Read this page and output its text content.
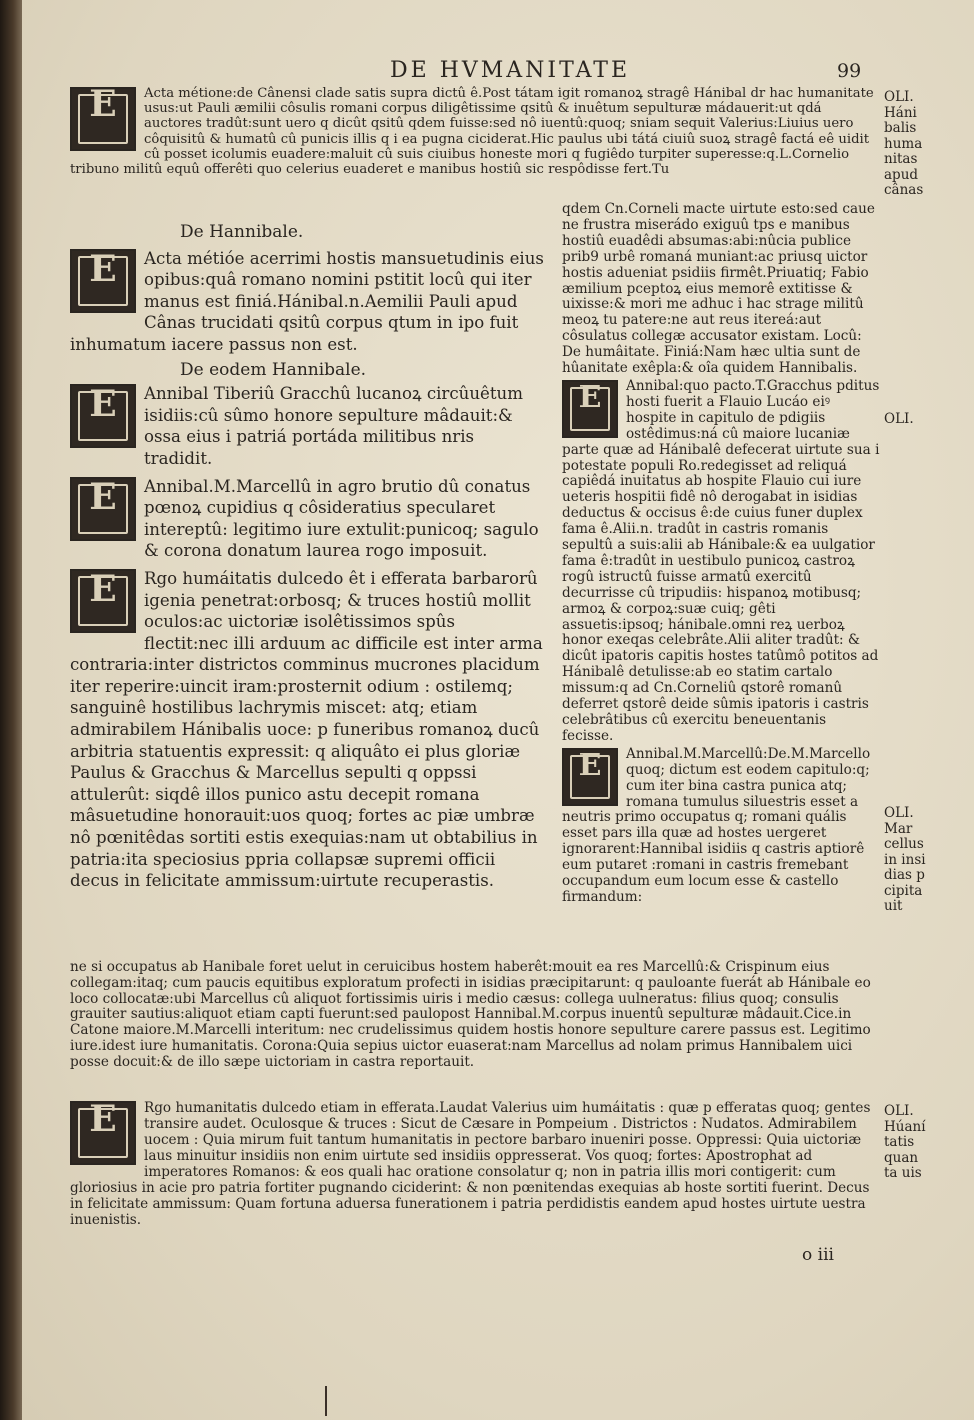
DE HVMANITATE	99
E	Acta métione:de Cânensi clade satis supra dictû ê.Post tátam igit romanoꝝ stragê Hánibal dr hac humanitate usus:ut Pauli æmilii côsulis romani corpus diligêtissime qsitû & inuêtum sepulturæ mádauerit:ut qdá auctores tradût:sunt uero q dicût qsitû qdem fuisse:sed nô iuentû:quoq; sniam sequit Valerius:Liuius uero côquisitû & humatû cû punicis illis q i ea pugna ciciderat.Hic paulus ubi tátá ciuiû suoꝝ stragê factá eê uidit cû posset icolumis euadere:maluit cû suis ciuibus honeste mori q fugiêdo turpiter superesse:q.L.Cornelio tribuno militû equû offerêti quo celerius euaderet e manibus hostiû sic respôdisse fert.Tu

De Hannibale.
E	Acta métióe acerrimi hostis mansuetudinis eius opibus:quâ romano nomini pstitit locû qui iter manus est finiá.Hánibal.n.Aemilii Pauli apud Cânas trucidati qsitû corpus qtum in ipo fuit inhumatum iacere passus non est.

De eodem Hannibale.
E	Annibal Tiberiû Gracchû lucanoꝝ circûuêtum isidiis:cû sûmo honore sepulture mâdauit:& ossa eius i patriá portáda militibus nris tradidit.

E	Annibal.M.Marcellû in agro brutio dû conatus pœnoꝝ cupidius q côsideratius specularet intereptû: legitimo iure extulit:punicoq; sagulo & corona donatum laurea rogo imposuit.

E	Rgo humáitatis dulcedo êt i efferata barbarorû igenia penetrat:orbosq; & truces hostiû mollit oculos:ac uictoriæ isolêtissimos spûs flectit:nec illi arduum ac difficile est inter arma contraria:inter districtos comminus mucrones placidum iter reperire:uincit iram:prosternit odium : ostilemq; sanguinê hostilibus lachrymis miscet: atq; etiam admirabilem Hánibalis uoce: p funeribus romanoꝝ ducû arbitria statuentis expressit: q aliquâto ei plus gloriæ Paulus & Gracchus & Marcellus sepulti q oppssi attulerût: siqdê illos punico astu decepit romana mâsuetudine honorauit:uos quoq; fortes ac piæ umbræ nô pœnitêdas sortiti estis exequias:nam ut obtabilius in patria:ita speciosius ppria collapsæ supremi officii decus in felicitate ammissum:uirtute recuperastis.

qdem Cn.Corneli macte uirtute esto:sed caue ne frustra miserádo exiguû tps e manibus hostiû euadêdi absumas:abi:nûcia publice prib9 urbê romaná muniant:ac priusq uictor hostis adueniat psidiis firmêt.Priuatiq; Fabio æmilium pceptoꝝ eius memorê extitisse & uixisse:& mori me adhuc i hac strage militû meoꝝ tu patere:ne aut reus itereá:aut côsulatus collegæ accusator existam. Locû: De humâitate. Finiá:Nam hæc ultia sunt de hûanitate exêpla:& oîa quidem Hannibalis.

E	Annibal:quo pacto.T.Gracchus pditus hosti fuerit a Flauio Lucáo eiꝰ hospite in capitulo de pdigiis ostêdimus:ná cû maiore lucaniæ parte quæ ad Hánibalê defecerat uirtute sua i potestate populi Ro.redegisset ad reliquá capiêdá inuitatus ab hospite Flauio cui iure ueteris hospitii fidê nô derogabat in isidias deductus & occisus ê:de cuius funer duplex fama ê.Alii.n. tradût in castris romanis sepultû a suis:alii ab Hánibale:& ea uulgatior fama ê:tradût in uestibulo punicoꝝ castroꝝ rogû istructû fuisse armatû exercitû decurrisse cû tripudiis: hispanoꝝ motibusq; armoꝝ & corpoꝝ:suæ cuiq; gêti assuetis:ipsoq; hánibale.omni reꝝ uerboꝝ honor exeqas celebrâte.Alii aliter tradût: & dicût ipatoris capitis hostes tatûmô potitos ad Hánibalê detulisse:ab eo statim cartalo missum:q ad Cn.Corneliû qstorê romanû deferret qstorê deide sûmis ipatoris i castris celebrâtibus cû exercitu beneuentanis fecisse.

E	Annibal.M.Marcellû:De.M.Marcello quoq; dictum est eodem capitulo:q; cum iter bina castra punica atq; romana tumulus siluestris esset a neutris primo occupatus q; romani quális esset pars illa quæ ad hostes uergeret ignorarent:Hannibal isidiis q castris aptiorê eum putaret :romani in castris fremebant occupandum eum locum esse & castello firmandum:

ne si occupatus ab Hanibale foret uelut in ceruicibus hostem haberêt:mouit ea res Marcellû:& Crispinum eius collegam:itaq; cum paucis equitibus exploratum profecti in isidias præcipitarunt: q pauloante fuerát ab Hánibale eo loco collocatæ:ubi Marcellus cû aliquot fortissimis uiris i medio cæsus: collega uulneratus: filius quoq; consulis grauiter sautius:aliquot etiam capti fuerunt:sed paulopost Hannibal.M.corpus inuentû sepulturæ mâdauit.Cice.in Catone maiore.M.Marcelli interitum: nec crudelissimus quidem hostis honore sepulture carere passus est. Legitimo iure.idest iure humanitatis. Corona:Quia sepius uictor euaserat:nam Marcellus ad nolam primus Hannibalem uici posse docuit:& de illo sæpe uictoriam in castra reportauit.

E	Rgo humanitatis dulcedo etiam in efferata.Laudat Valerius uim humáitatis : quæ p efferatas quoq; gentes transire audet. Oculosque & truces : Sicut de Cæsare in Pompeium . Districtos : Nudatos. Admirabilem uocem : Quia mirum fuit tantum humanitatis in pectore barbaro inueniri posse. Oppressi: Quia uictoriæ laus minuitur insidiis non enim uirtute sed insidiis oppresserat. Vos quoq; fortes: Apostrophat ad imperatores Romanos: & eos quali hac oratione consolatur q; non in patria illis mori contigerit: cum gloriosius in acie pro patria fortiter pugnando ciciderint: & non pœnitendas exequias ab hoste sortiti fuerint. Decus in felicitate ammissum: Quam fortuna aduersa funerationem i patria perdidistis eandem apud hostes uirtute uestra inuenistis.

OLI.
Háni
balis
huma
nitas
apud
cânas
OLI.
OLI.
Mar
cellus
in insi
dias p
cipita
uit
OLI.
Húaní
tatis
quan
ta uis
o iii
